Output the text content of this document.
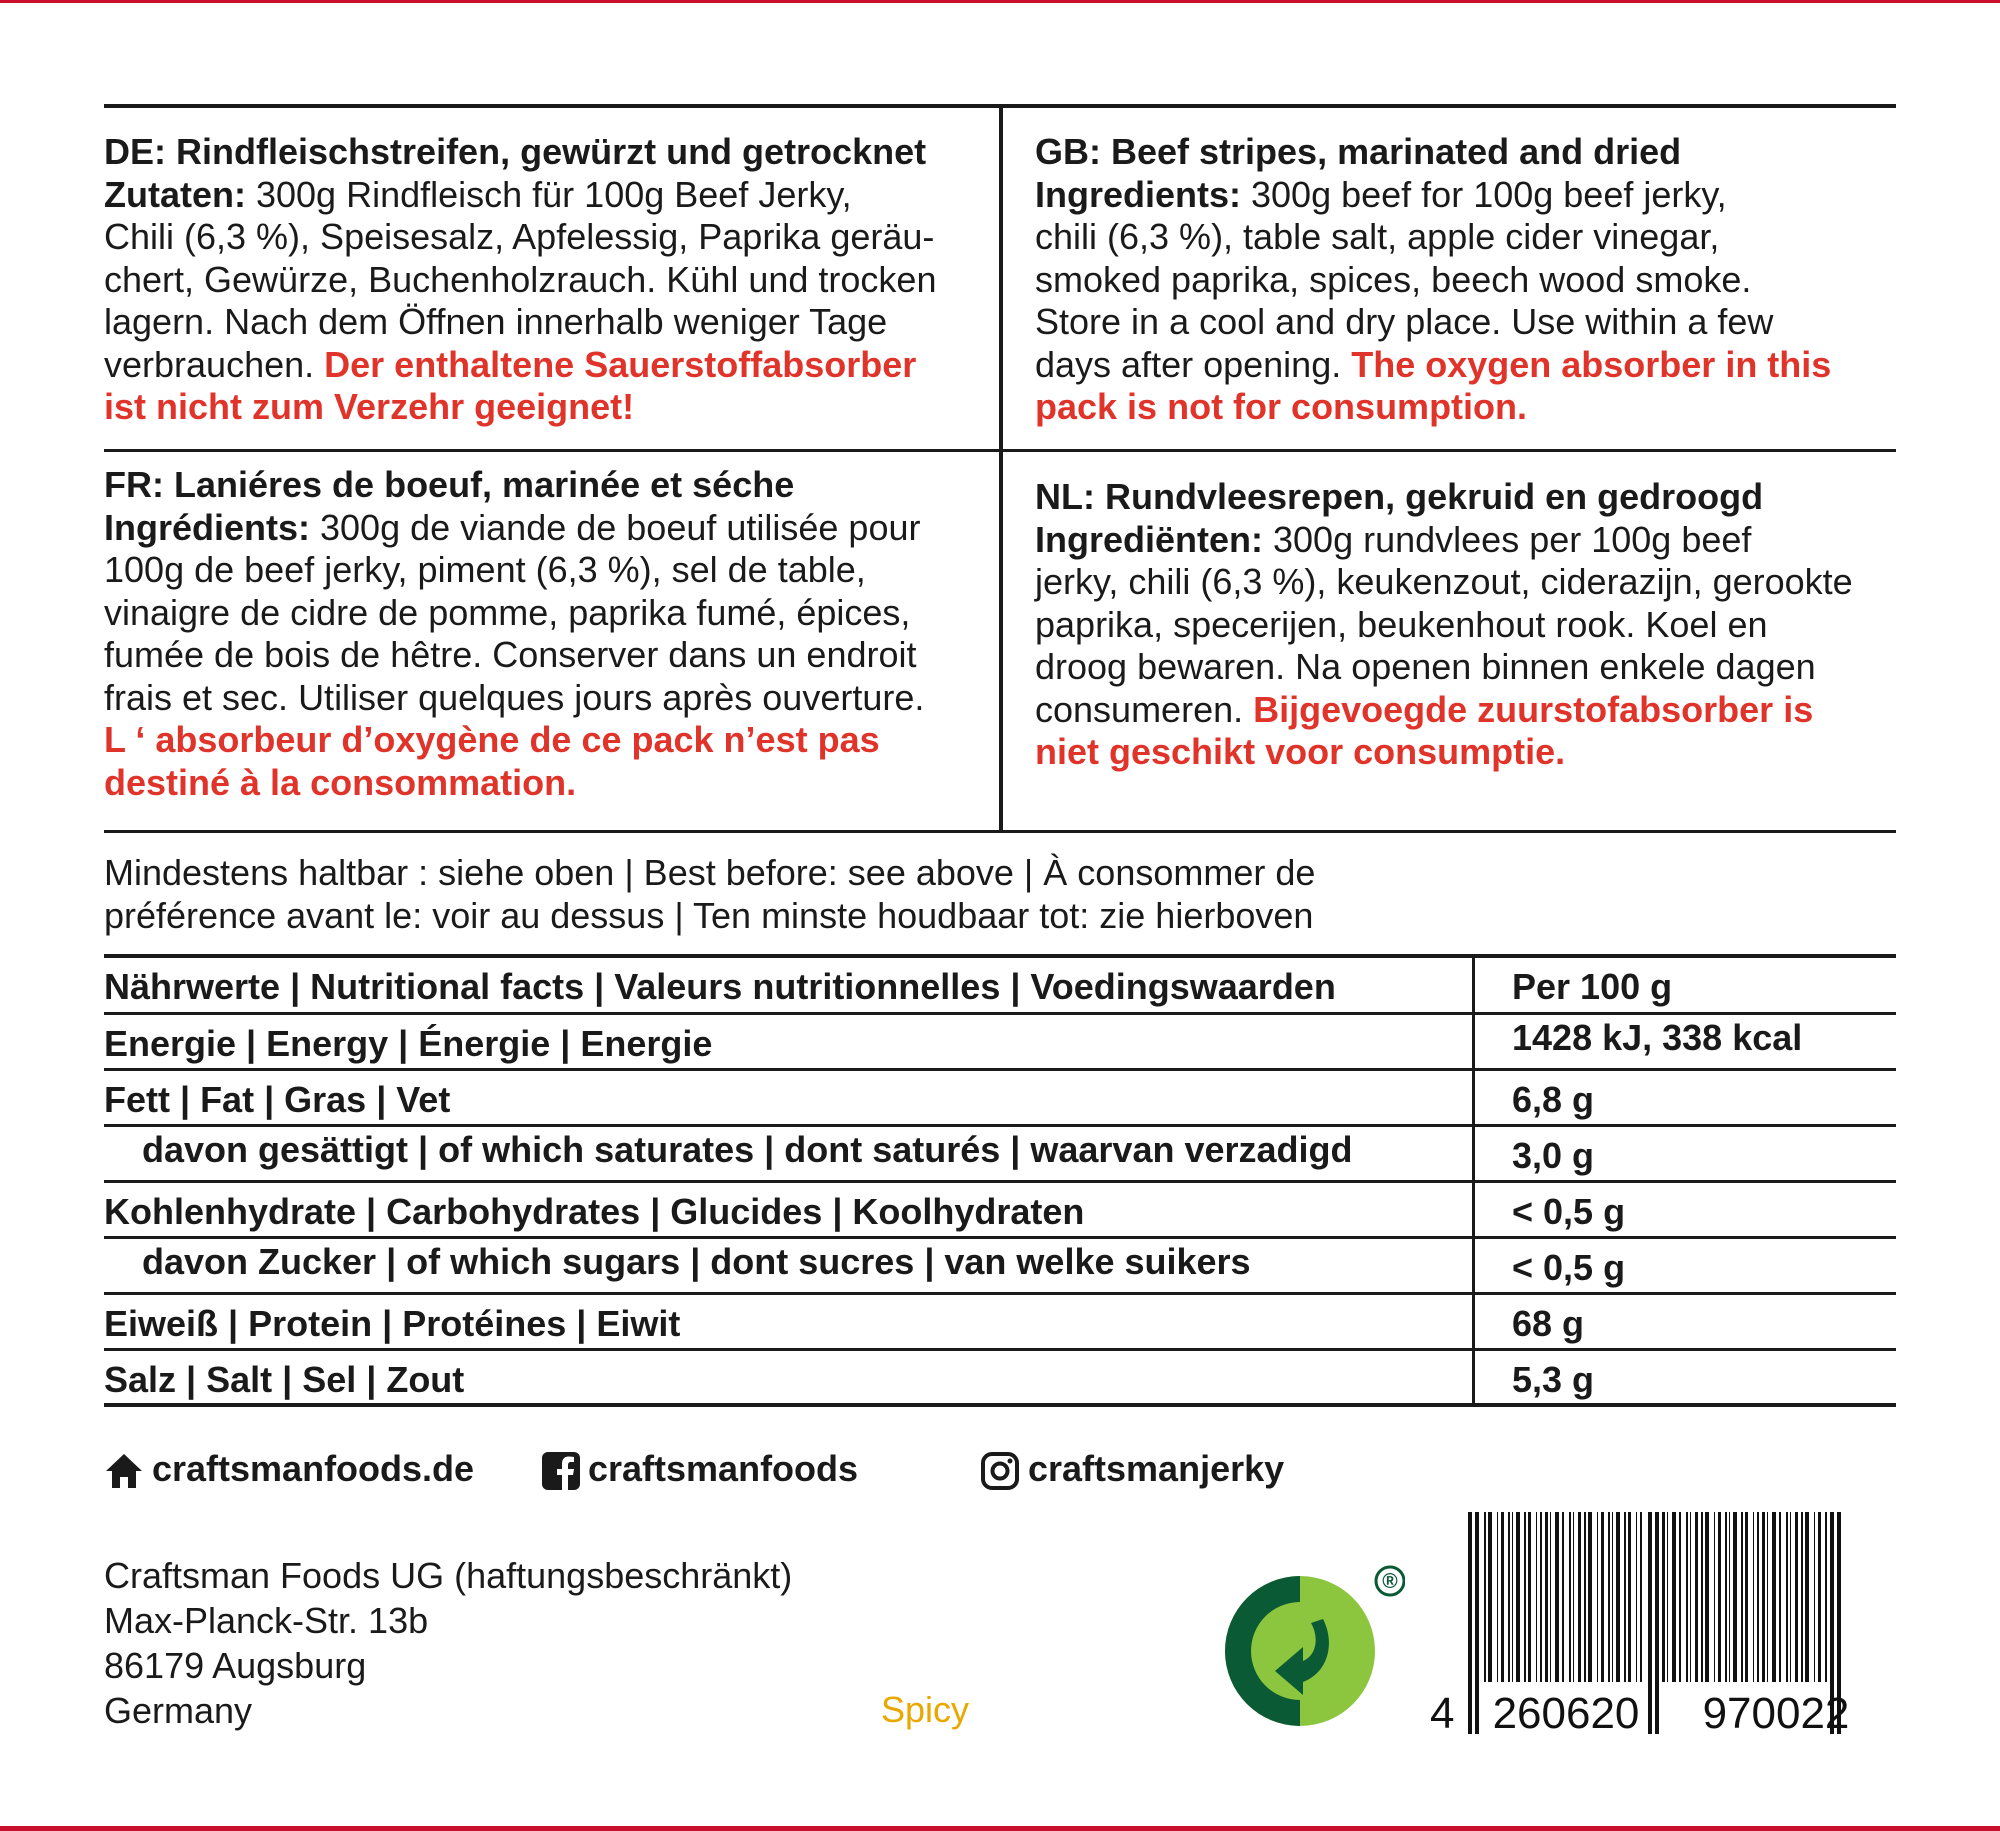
DE: Rindfleischstreifen, gewürzt und getrocknet
Zutaten: 300g Rindfleisch für 100g Beef Jerky,
Chili (6,3 %), Speisesalz, Apfelessig, Paprika geräu-
chert, Gewürze, Buchenholzrauch. Kühl und trocken
lagern. Nach dem Öffnen innerhalb weniger Tage
verbrauchen. Der enthaltene Sauerstoffabsorber
ist nicht zum Verzehr geeignet!
GB: Beef stripes, marinated and dried
Ingredients: 300g beef for 100g beef jerky,
chili (6,3 %), table salt, apple cider vinegar,
smoked paprika, spices, beech wood smoke.
Store in a cool and dry place. Use within a few
days after opening. The oxygen absorber in this
pack is not for consumption.
FR: Laniéres de boeuf, marinée et séche
Ingrédients: 300g de viande de boeuf utilisée pour
100g de beef jerky, piment (6,3 %), sel de table,
vinaigre de cidre de pomme, paprika fumé, épices,
fumée de bois de hêtre. Conserver dans un endroit
frais et sec. Utiliser quelques jours après ouverture.
L ‘ absorbeur d’oxygène de ce pack n’est pas
destiné à la consommation.
NL: Rundvleesrepen, gekruid en gedroogd
Ingrediënten: 300g rundvlees per 100g beef
jerky, chili (6,3 %), keukenzout, ciderazijn, gerookte
paprika, specerijen, beukenhout rook. Koel en
droog bewaren. Na openen binnen enkele dagen
consumeren. Bijgevoegde zuurstofabsorber is
niet geschikt voor consumptie.
Mindestens haltbar : siehe oben | Best before: see above | À consommer de
préférence avant le: voir au dessus | Ten minste houdbaar tot: zie hierboven
Nährwerte | Nutritional facts | Valeurs nutritionnelles | Voedingswaarden	Per 100 g
Energie | Energy | Énergie | Energie	1428 kJ, 338 kcal
Fett | Fat | Gras | Vet	6,8 g
davon gesättigt | of which saturates | dont saturés | waarvan verzadigd	3,0 g
Kohlenhydrate | Carbohydrates | Glucides | Koolhydraten	< 0,5 g
davon Zucker | of which sugars | dont sucres | van welke suikers	< 0,5 g
Eiweiß | Protein | Protéines | Eiwit	68 g
Salz | Salt | Sel | Zout	5,3 g
craftsmanfoods.de	craftsmanfoods	craftsmanjerky
Craftsman Foods UG (haftungsbeschränkt)
Max-Planck-Str. 13b
86179 Augsburg
Germany	Spicy
®
4 260620 970022
